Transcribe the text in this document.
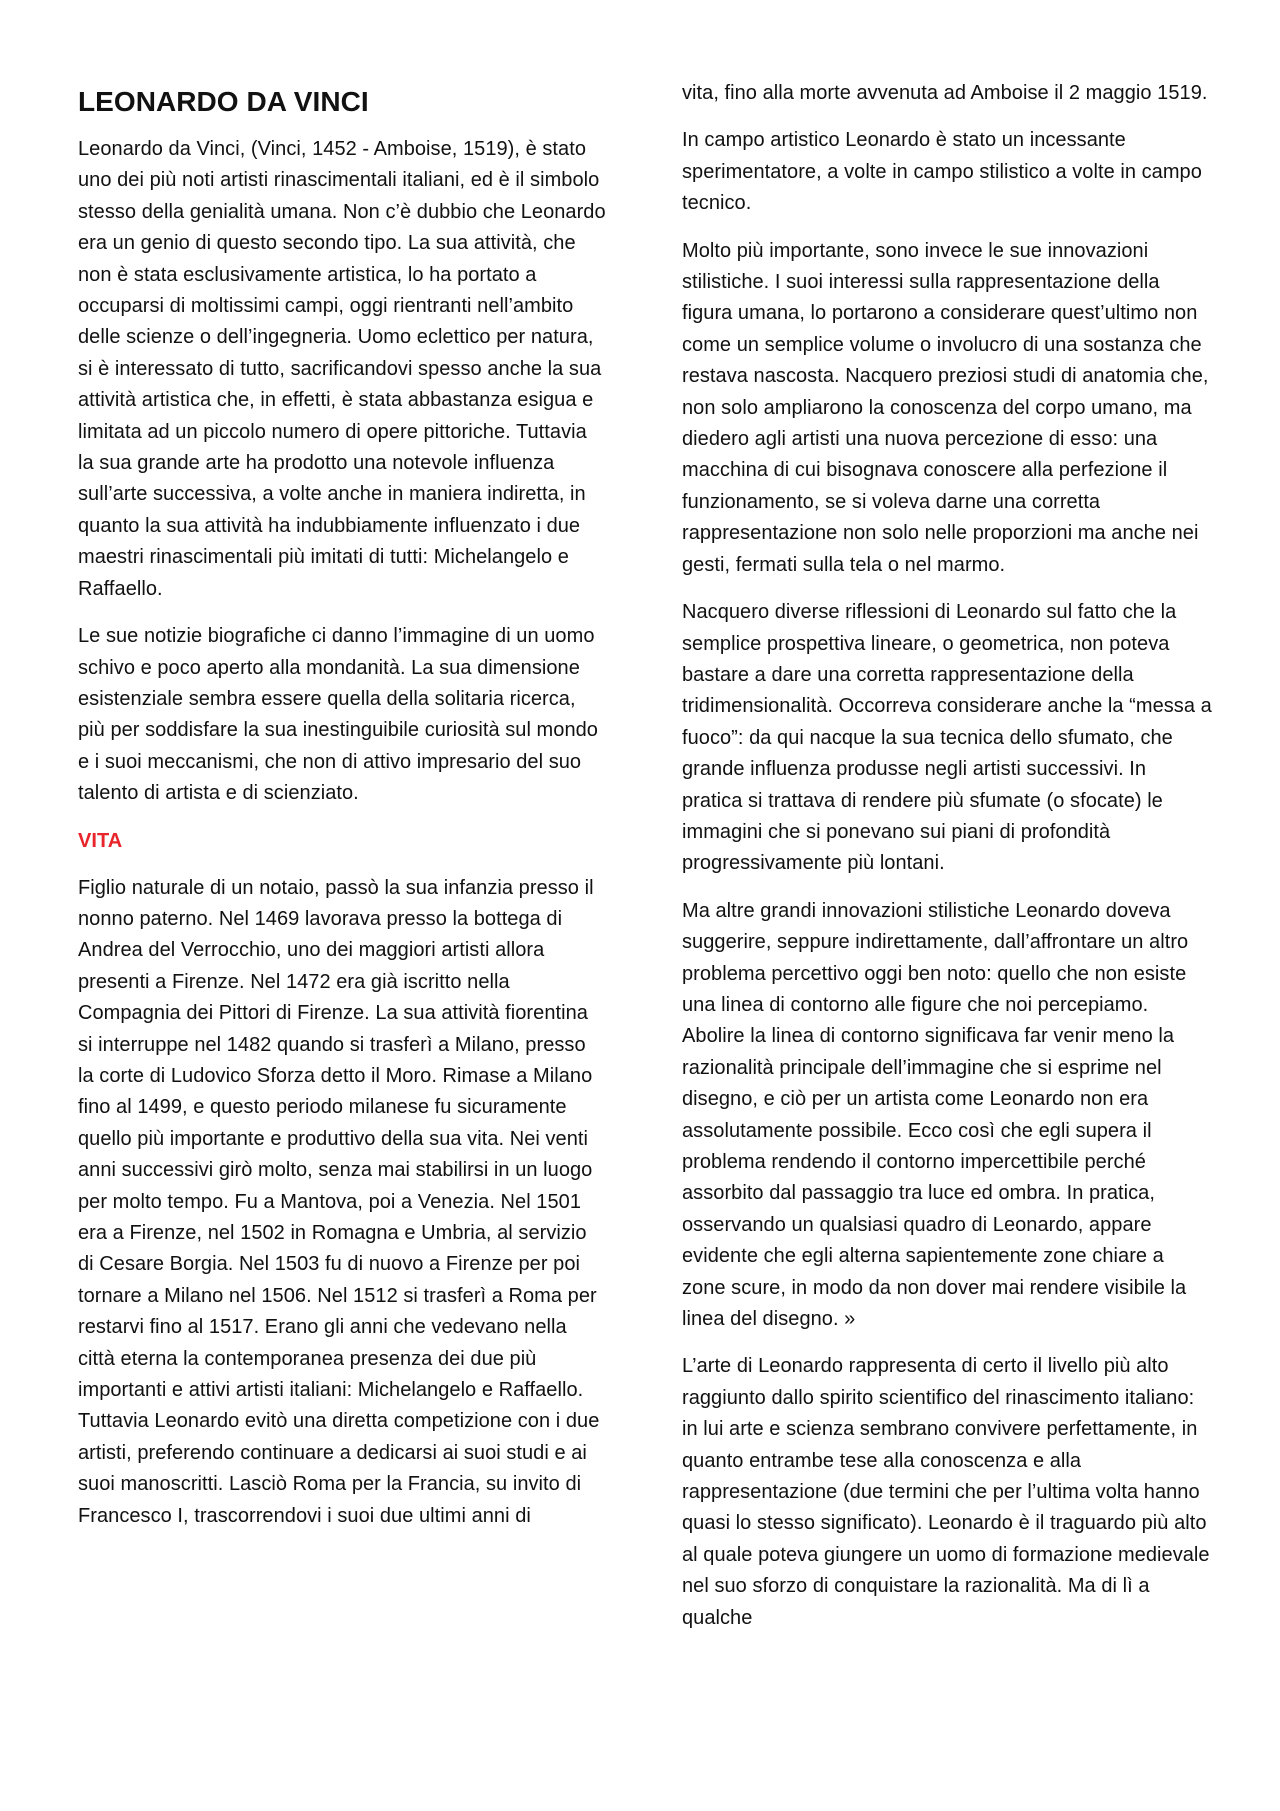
LEONARDO DA VINCI

Leonardo da Vinci, (Vinci, 1452 - Amboise, 1519), è stato uno dei più noti artisti rinascimentali italiani, ed è il simbolo stesso della genialità umana. Non c’è dubbio che Leonardo era un genio di questo secondo tipo. La sua attività, che non è stata esclusivamente artistica, lo ha portato a occuparsi di moltissimi campi, oggi rientranti nell’ambito delle scienze o dell’ingegneria. Uomo eclettico per natura, si è interessato di tutto, sacrificandovi spesso anche la sua attività artistica che, in effetti, è stata abbastanza esigua e limitata ad un piccolo numero di opere pittoriche. Tuttavia la sua grande arte ha prodotto una notevole influenza sull’arte successiva, a volte anche in maniera indiretta, in quanto la sua attività ha indubbiamente influenzato i due maestri rinascimentali più imitati di tutti: Michelangelo e Raffaello.

Le sue notizie biografiche ci danno l’immagine di un uomo schivo e poco aperto alla mondanità. La sua dimensione esistenziale sembra essere quella della solitaria ricerca, più per soddisfare la sua inestinguibile curiosità sul mondo e i suoi meccanismi, che non di attivo impresario del suo talento di artista e di scienziato.

VITA

Figlio naturale di un notaio, passò la sua infanzia presso il nonno paterno. Nel 1469 lavorava presso la bottega di Andrea del Verrocchio, uno dei maggiori artisti allora presenti a Firenze. Nel 1472 era già iscritto nella Compagnia dei Pittori di Firenze. La sua attività fiorentina si interruppe nel 1482 quando si trasferì a Milano, presso la corte di Ludovico Sforza detto il Moro. Rimase a Milano fino al 1499, e questo periodo milanese fu sicuramente quello più importante e produttivo della sua vita. Nei venti anni successivi girò molto, senza mai stabilirsi in un luogo per molto tempo. Fu a Mantova, poi a Venezia. Nel 1501 era a Firenze, nel 1502 in Romagna e Umbria, al servizio di Cesare Borgia. Nel 1503 fu di nuovo a Firenze per poi tornare a Milano nel 1506. Nel 1512 si trasferì a Roma per restarvi fino al 1517. Erano gli anni che vedevano nella città eterna la contemporanea presenza dei due più importanti e attivi artisti italiani: Michelangelo e Raffaello. Tuttavia Leonardo evitò una diretta competizione con i due artisti, preferendo continuare a dedicarsi ai suoi studi e ai suoi manoscritti. Lasciò Roma per la Francia, su invito di Francesco I, trascorrendovi i suoi due ultimi anni di

vita, fino alla morte avvenuta ad Amboise il 2 maggio 1519.

In campo artistico Leonardo è stato un incessante sperimentatore, a volte in campo stilistico a volte in campo tecnico.

Molto più importante, sono invece le sue innovazioni stilistiche. I suoi interessi sulla rappresentazione della figura umana, lo portarono a considerare quest’ultimo non come un semplice volume o involucro di una sostanza che restava nascosta. Nacquero preziosi studi di anatomia che, non solo ampliarono la conoscenza del corpo umano, ma diedero agli artisti una nuova percezione di esso: una macchina di cui bisognava conoscere alla perfezione il funzionamento, se si voleva darne una corretta rappresentazione non solo nelle proporzioni ma anche nei gesti, fermati sulla tela o nel marmo.

Nacquero diverse riflessioni di Leonardo sul fatto che la semplice prospettiva lineare, o geometrica, non poteva bastare a dare una corretta rappresentazione della tridimensionalità. Occorreva considerare anche la “messa a fuoco”: da qui nacque la sua tecnica dello sfumato, che grande influenza produsse negli artisti successivi. In pratica si trattava di rendere più sfumate (o sfocate) le immagini che si ponevano sui piani di profondità progressivamente più lontani.

Ma altre grandi innovazioni stilistiche Leonardo doveva suggerire, seppure indirettamente, dall’affrontare un altro problema percettivo oggi ben noto: quello che non esiste una linea di contorno alle figure che noi percepiamo. Abolire la linea di contorno significava far venir meno la razionalità principale dell’immagine che si esprime nel disegno, e ciò per un artista come Leonardo non era assolutamente possibile. Ecco così che egli supera il problema rendendo il contorno impercettibile perché assorbito dal passaggio tra luce ed ombra. In pratica, osservando un qualsiasi quadro di Leonardo, appare evidente che egli alterna sapientemente zone chiare a zone scure, in modo da non dover mai rendere visibile la linea del disegno. »

L’arte di Leonardo rappresenta di certo il livello più alto raggiunto dallo spirito scientifico del rinascimento italiano: in lui arte e scienza sembrano convivere perfettamente, in quanto entrambe tese alla conoscenza e alla rappresentazione (due termini che per l’ultima volta hanno quasi lo stesso significato). Leonardo è il traguardo più alto al quale poteva giungere un uomo di formazione medievale nel suo sforzo di conquistare la razionalità. Ma di lì a qualche
